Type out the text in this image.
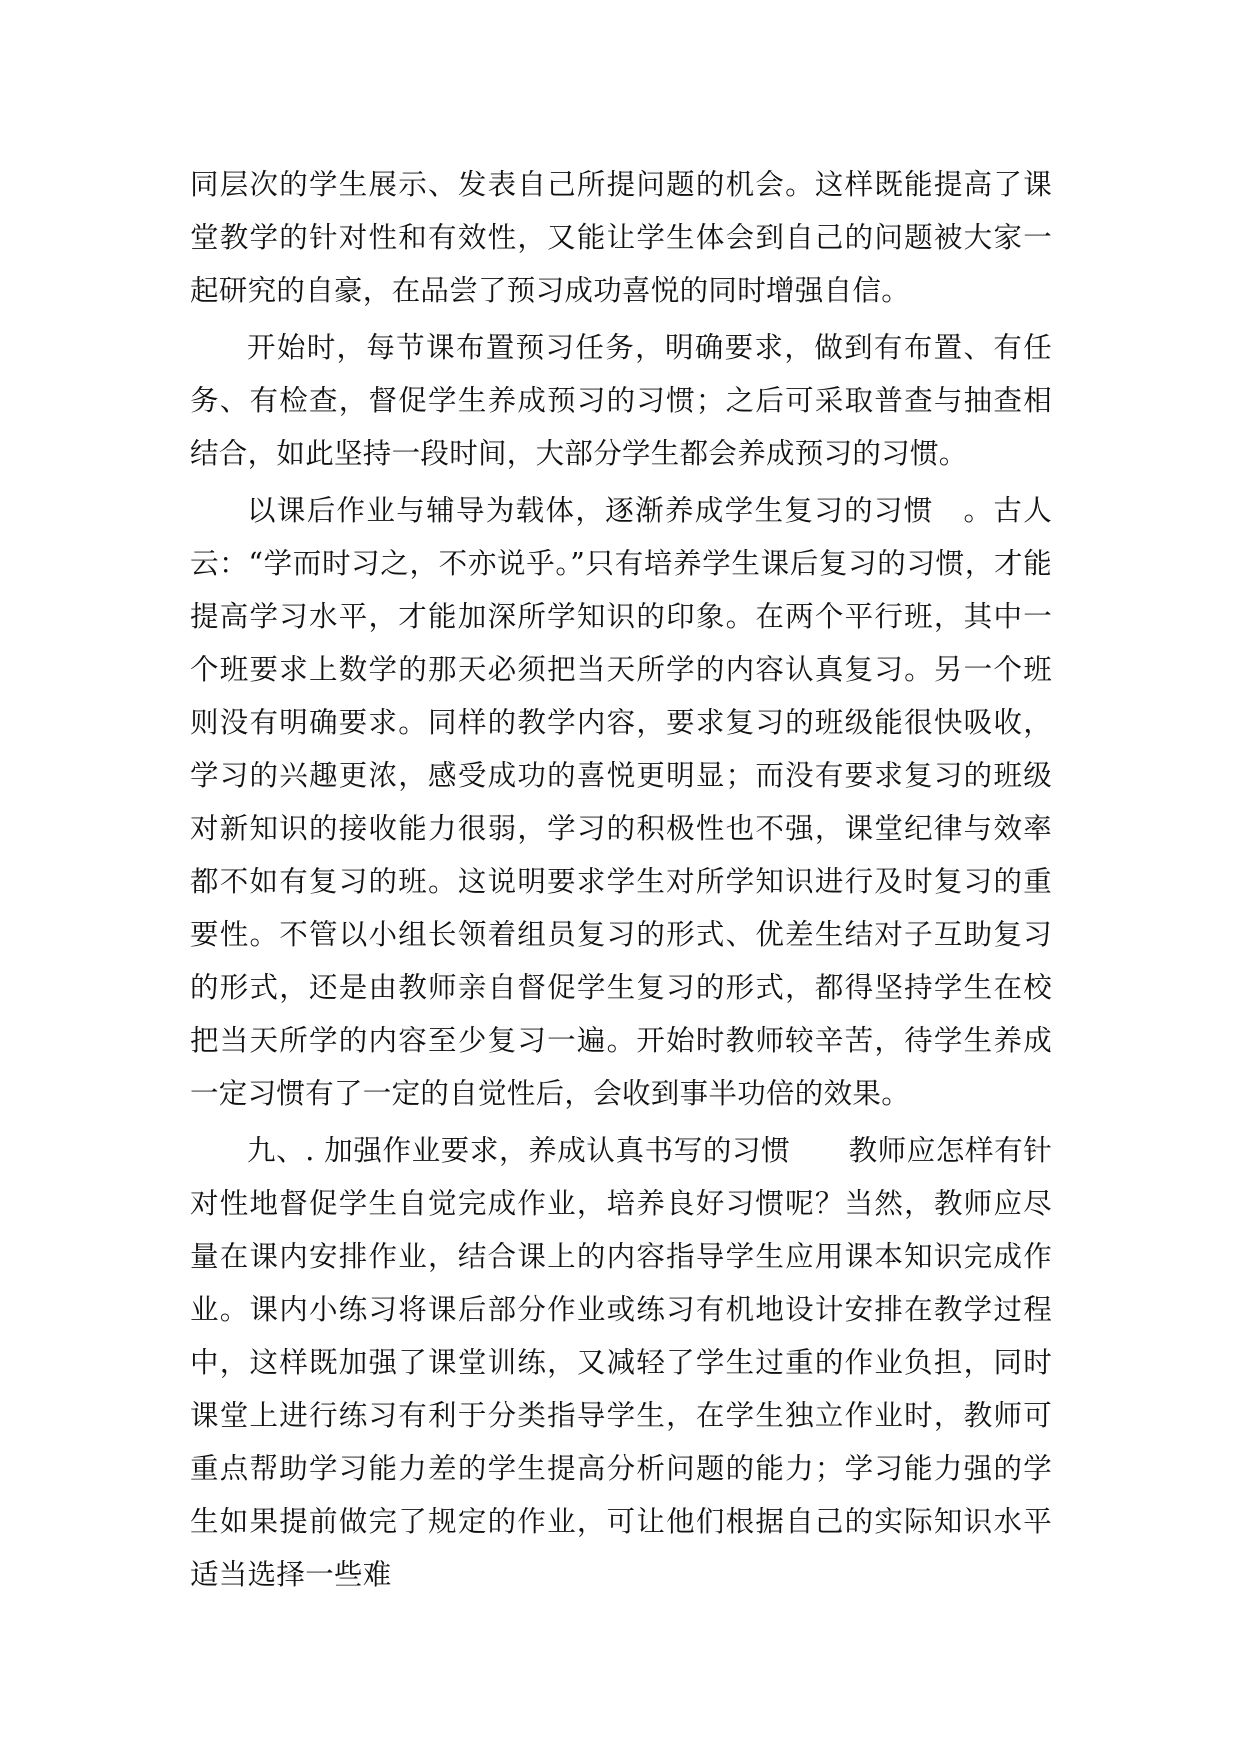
同层次的学生展示、发表自己所提问题的机会。这样既能提高了课堂教学的针对性和有效性，又能让学生体会到自己的问题被大家一起研究的自豪，在品尝了预习成功喜悦的同时增强自信。

开始时，每节课布置预习任务，明确要求，做到有布置、有任务、有检查，督促学生养成预习的习惯；之后可采取普查与抽查相结合，如此坚持一段时间，大部分学生都会养成预习的习惯。

以课后作业与辅导为载体，逐渐养成学生复习的习惯　。古人云：“学而时习之，不亦说乎。”只有培养学生课后复习的习惯，才能提高学习水平，才能加深所学知识的印象。在两个平行班，其中一个班要求上数学的那天必须把当天所学的内容认真复习。另一个班则没有明确要求。同样的教学内容，要求复习的班级能很快吸收，学习的兴趣更浓，感受成功的喜悦更明显；而没有要求复习的班级对新知识的接收能力很弱，学习的积极性也不强，课堂纪律与效率都不如有复习的班。这说明要求学生对所学知识进行及时复习的重要性。不管以小组长领着组员复习的形式、优差生结对子互助复习的形式，还是由教师亲自督促学生复习的形式，都得坚持学生在校把当天所学的内容至少复习一遍。开始时教师较辛苦，待学生养成一定习惯有了一定的自觉性后，会收到事半功倍的效果。

九、. 加强作业要求，养成认真书写的习惯　　教师应怎样有针对性地督促学生自觉完成作业，培养良好习惯呢？当然，教师应尽量在课内安排作业，结合课上的内容指导学生应用课本知识完成作业。课内小练习将课后部分作业或练习有机地设计安排在教学过程中，这样既加强了课堂训练，又减轻了学生过重的作业负担，同时课堂上进行练习有利于分类指导学生，在学生独立作业时，教师可重点帮助学习能力差的学生提高分析问题的能力；学习能力强的学生如果提前做完了规定的作业，可让他们根据自己的实际知识水平适当选择一些难
